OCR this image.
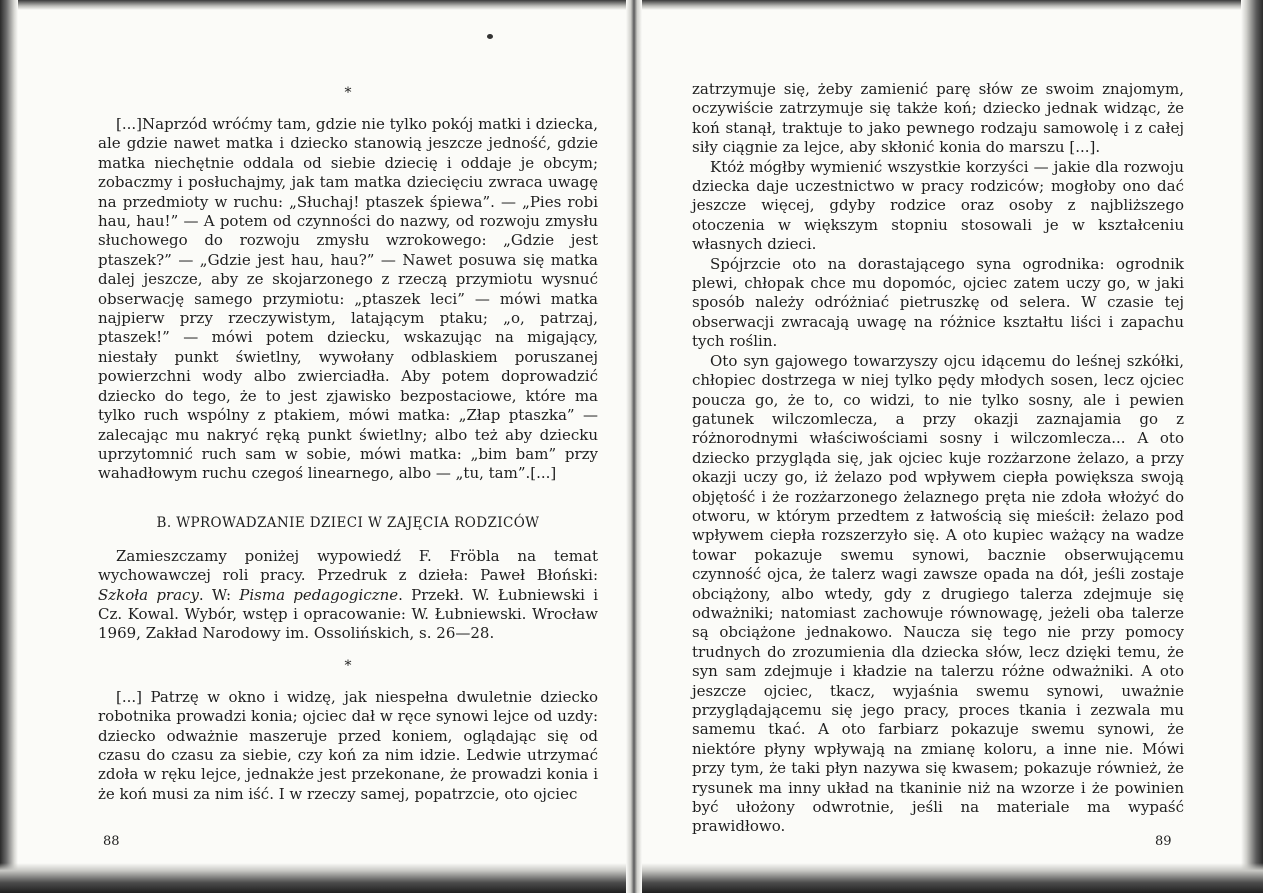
*

[...]Naprzód wróćmy tam, gdzie nie tylko pokój matki i dziecka, ale gdzie nawet matka i dziecko stanowią jeszcze jedność, gdzie matka niechętnie oddala od siebie dziecię i oddaje je obcym; zobaczmy i posłuchajmy, jak tam matka dziecięciu zwraca uwagę na przedmioty w ruchu: „Słuchaj! ptaszek śpiewa”. — „Pies robi hau, hau!” — A potem od czynności do nazwy, od rozwoju zmysłu słuchowego do rozwoju zmysłu wzrokowego: „Gdzie jest ptaszek?” — „Gdzie jest hau, hau?” — Nawet posuwa się matka dalej jeszcze, aby ze skojarzonego z rzeczą przymiotu wysnuć obserwację samego przymiotu: „ptaszek leci” — mówi matka najpierw przy rzeczywistym, latającym ptaku; „o, patrzaj, ptaszek!” — mówi potem dziecku, wskazując na migający, niestały punkt świetlny, wywołany odblaskiem poruszanej powierzchni wody albo zwierciadła. Aby potem doprowadzić dziecko do tego, że to jest zjawisko bezpostaciowe, które ma tylko ruch wspólny z ptakiem, mówi matka: „Złap ptaszka” — zalecając mu nakryć ręką punkt świetlny; albo też aby dziecku uprzytomnić ruch sam w sobie, mówi matka: „bim bam” przy wahadłowym ruchu czegoś linearnego, albo — „tu, tam”.[...]

B. WPROWADZANIE DZIECI W ZAJĘCIA RODZICÓW

Zamieszczamy poniżej wypowiedź F. Fröbla na temat wychowawczej roli pracy. Przedruk z dzieła: Paweł Błoński: Szkoła pracy. W: Pisma pedagogiczne. Przekł. W. Łubniewski i Cz. Kowal. Wybór, wstęp i opracowanie: W. Łubniewski. Wrocław 1969, Zakład Narodowy im. Ossolińskich, s. 26—28.

*

[...] Patrzę w okno i widzę, jak niespełna dwuletnie dziecko robotnika prowadzi konia; ojciec dał w ręce synowi lejce od uzdy: dziecko odważnie maszeruje przed koniem, oglądając się od czasu do czasu za siebie, czy koń za nim idzie. Ledwie utrzymać zdoła w ręku lejce, jednakże jest przekonane, że prowadzi konia i że koń musi za nim iść. I w rzeczy samej, popatrzcie, oto ojciec

88

zatrzymuje się, żeby zamienić parę słów ze swoim znajomym, oczywiście zatrzymuje się także koń; dziecko jednak widząc, że koń stanął, traktuje to jako pewnego rodzaju samowolę i z całej siły ciągnie za lejce, aby skłonić konia do marszu [...].

Któż mógłby wymienić wszystkie korzyści — jakie dla rozwoju dziecka daje uczestnictwo w pracy rodziców; mogłoby ono dać jeszcze więcej, gdyby rodzice oraz osoby z najbliższego otoczenia w większym stopniu stosowali je w kształceniu własnych dzieci.

Spójrzcie oto na dorastającego syna ogrodnika: ogrodnik plewi, chłopak chce mu dopomóc, ojciec zatem uczy go, w jaki sposób należy odróżniać pietruszkę od selera. W czasie tej obserwacji zwracają uwagę na różnice kształtu liści i zapachu tych roślin.

Oto syn gajowego towarzyszy ojcu idącemu do leśnej szkółki, chłopiec dostrzega w niej tylko pędy młodych sosen, lecz ojciec poucza go, że to, co widzi, to nie tylko sosny, ale i pewien gatunek wilczomlecza, a przy okazji zaznajamia go z różnorodnymi właściwościami sosny i wilczomlecza... A oto dziecko przygląda się, jak ojciec kuje rozżarzone żelazo, a przy okazji uczy go, iż żelazo pod wpływem ciepła powiększa swoją objętość i że rozżarzonego żelaznego pręta nie zdoła włożyć do otworu, w którym przedtem z łatwością się mieścił: żelazo pod wpływem ciepła rozszerzyło się. A oto kupiec ważący na wadze towar pokazuje swemu synowi, bacznie obserwującemu czynność ojca, że talerz wagi zawsze opada na dół, jeśli zostaje obciążony, albo wtedy, gdy z drugiego talerza zdejmuje się odważniki; natomiast zachowuje równowagę, jeżeli oba talerze są obciążone jednakowo. Naucza się tego nie przy pomocy trudnych do zrozumienia dla dziecka słów, lecz dzięki temu, że syn sam zdejmuje i kładzie na talerzu różne odważniki. A oto jeszcze ojciec, tkacz, wyjaśnia swemu synowi, uważnie przyglądającemu się jego pracy, proces tkania i zezwala mu samemu tkać. A oto farbiarz pokazuje swemu synowi, że niektóre płyny wpływają na zmianę koloru, a inne nie. Mówi przy tym, że taki płyn nazywa się kwasem; pokazuje również, że rysunek ma inny układ na tkaninie niż na wzorze i że powinien być ułożony odwrotnie, jeśli na materiale ma wypaść prawidłowo.

89
